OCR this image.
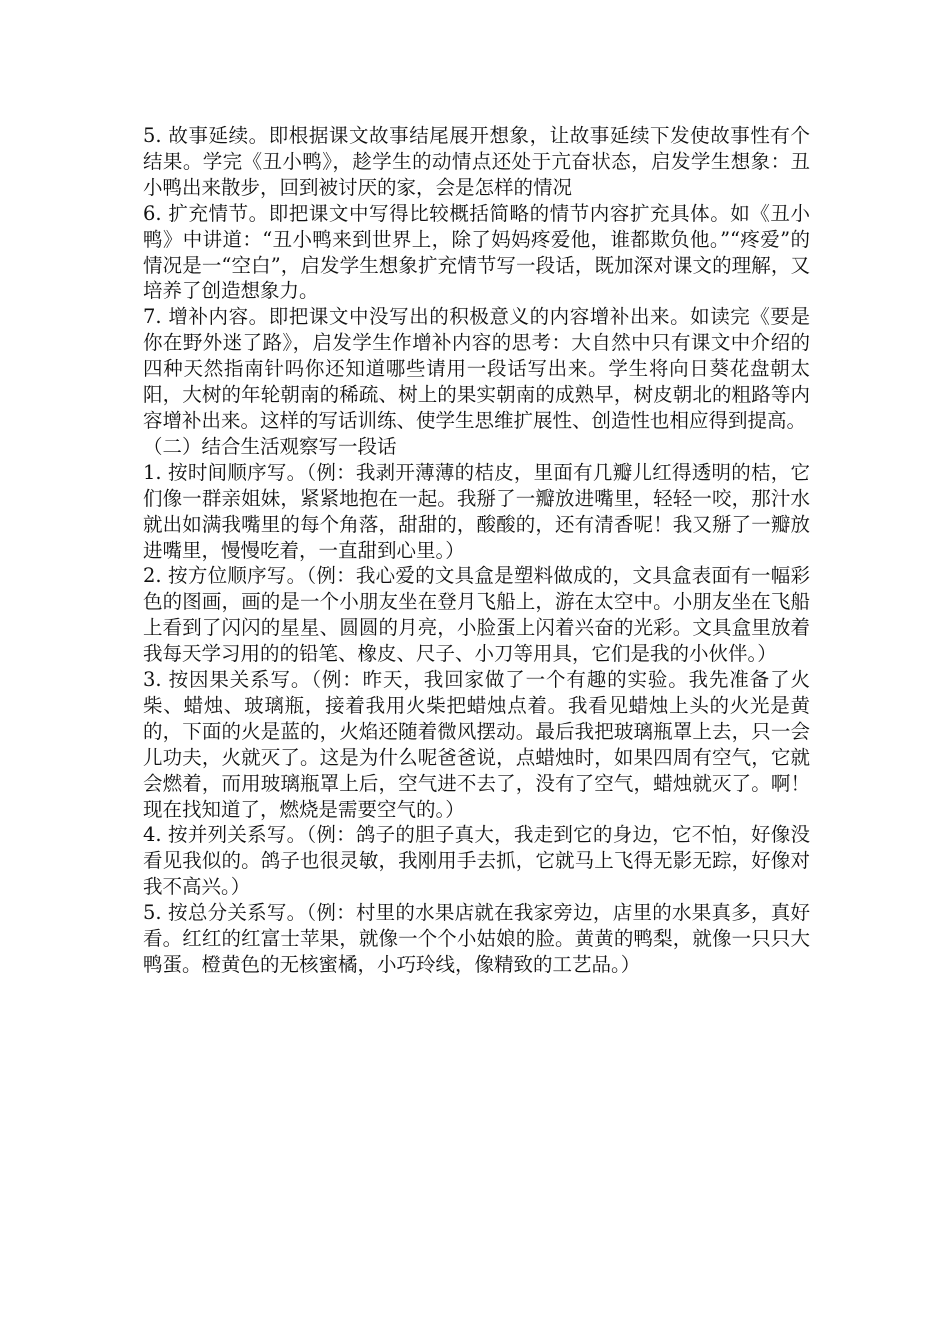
5. 故事延续。即根据课文故事结尾展开想象，让故事延续下发使故事性有个结果。学完《丑小鸭》，趁学生的动情点还处于亢奋状态，启发学生想象：丑小鸭出来散步，回到被讨厌的家，会是怎样的情况

6. 扩充情节。即把课文中写得比较概括简略的情节内容扩充具体。如《丑小鸭》中讲道：“丑小鸭来到世界上，除了妈妈疼爱他，谁都欺负他。”“疼爱”的情况是一“空白”，启发学生想象扩充情节写一段话，既加深对课文的理解，又培养了创造想象力。

7. 增补内容。即把课文中没写出的积极意义的内容增补出来。如读完《要是你在野外迷了路》，启发学生作增补内容的思考：大自然中只有课文中介绍的四种天然指南针吗你还知道哪些请用一段话写出来。学生将向日葵花盘朝太阳，大树的年轮朝南的稀疏、树上的果实朝南的成熟早，树皮朝北的粗路等内容增补出来。这样的写话训练、使学生思维扩展性、创造性也相应得到提高。

（二）结合生活观察写一段话

1. 按时间顺序写。（例：我剥开薄薄的桔皮，里面有几瓣儿红得透明的桔，它们像一群亲姐妹，紧紧地抱在一起。我掰了一瓣放进嘴里，轻轻一咬，那汁水就出如满我嘴里的每个角落，甜甜的，酸酸的，还有清香呢！我又掰了一瓣放进嘴里，慢慢吃着，一直甜到心里。）

2. 按方位顺序写。（例：我心爱的文具盒是塑料做成的，文具盒表面有一幅彩色的图画，画的是一个小朋友坐在登月飞船上，游在太空中。小朋友坐在飞船上看到了闪闪的星星、圆圆的月亮，小脸蛋上闪着兴奋的光彩。文具盒里放着我每天学习用的的铅笔、橡皮、尺子、小刀等用具，它们是我的小伙伴。）

3. 按因果关系写。（例：昨天，我回家做了一个有趣的实验。我先准备了火柴、蜡烛、玻璃瓶，接着我用火柴把蜡烛点着。我看见蜡烛上头的火光是黄的，下面的火是蓝的，火焰还随着微风摆动。最后我把玻璃瓶罩上去，只一会儿功夫，火就灭了。这是为什么呢爸爸说，点蜡烛时，如果四周有空气，它就会燃着，而用玻璃瓶罩上后，空气进不去了，没有了空气，蜡烛就灭了。啊！现在找知道了，燃烧是需要空气的。）

4. 按并列关系写。（例：鸽子的胆子真大，我走到它的身边，它不怕，好像没看见我似的。鸽子也很灵敏，我刚用手去抓，它就马上飞得无影无踪，好像对我不高兴。）

5. 按总分关系写。（例：村里的水果店就在我家旁边，店里的水果真多，真好看。红红的红富士苹果，就像一个个小姑娘的脸。黄黄的鸭梨，就像一只只大鸭蛋。橙黄色的无核蜜橘，小巧玲线，像精致的工艺品。）
